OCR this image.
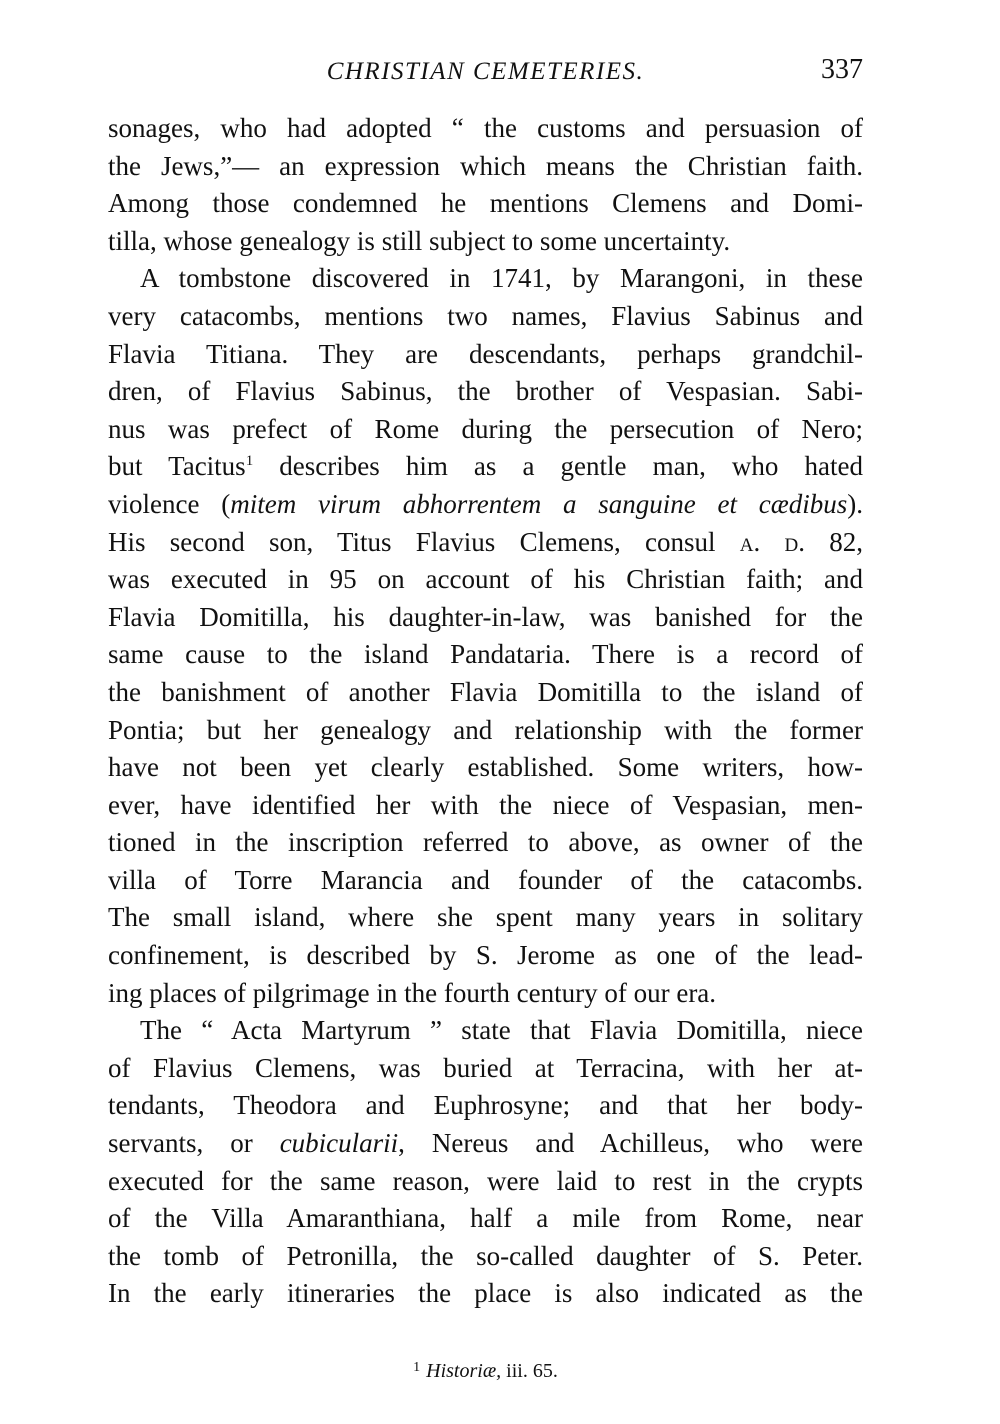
CHRISTIAN CEMETERIES.	337

sonages, who had adopted “ the customs and persuasion of
the Jews,”— an expression which means the Christian faith.
Among those condemned he mentions Clemens and Domi-
tilla, whose genealogy is still subject to some uncertainty.

A tombstone discovered in 1741, by Marangoni, in these
very catacombs, mentions two names, Flavius Sabinus and
Flavia Titiana. They are descendants, perhaps grandchil-
dren, of Flavius Sabinus, the brother of Vespasian. Sabi-
nus was prefect of Rome during the persecution of Nero;
but Tacitus$^1$ describes him as a gentle man, who hated
violence (mitem virum abhorrentem a sanguine et cædibus).
His second son, Titus Flavius Clemens, consul a. d. 82,
was executed in 95 on account of his Christian faith; and
Flavia Domitilla, his daughter-in-law, was banished for the
same cause to the island Pandataria. There is a record of
the banishment of another Flavia Domitilla to the island of
Pontia; but her genealogy and relationship with the former
have not been yet clearly established. Some writers, how-
ever, have identified her with the niece of Vespasian, men-
tioned in the inscription referred to above, as owner of the
villa of Torre Marancia and founder of the catacombs.
The small island, where she spent many years in solitary
confinement, is described by S. Jerome as one of the lead-
ing places of pilgrimage in the fourth century of our era.

The “ Acta Martyrum ” state that Flavia Domitilla, niece
of Flavius Clemens, was buried at Terracina, with her at-
tendants, Theodora and Euphrosyne; and that her body-
servants, or cubicularii, Nereus and Achilleus, who were
executed for the same reason, were laid to rest in the crypts
of the Villa Amaranthiana, half a mile from Rome, near
the tomb of Petronilla, the so-called daughter of S. Peter.
In the early itineraries the place is also indicated as the

$^1$ Historiæ, iii. 65.
